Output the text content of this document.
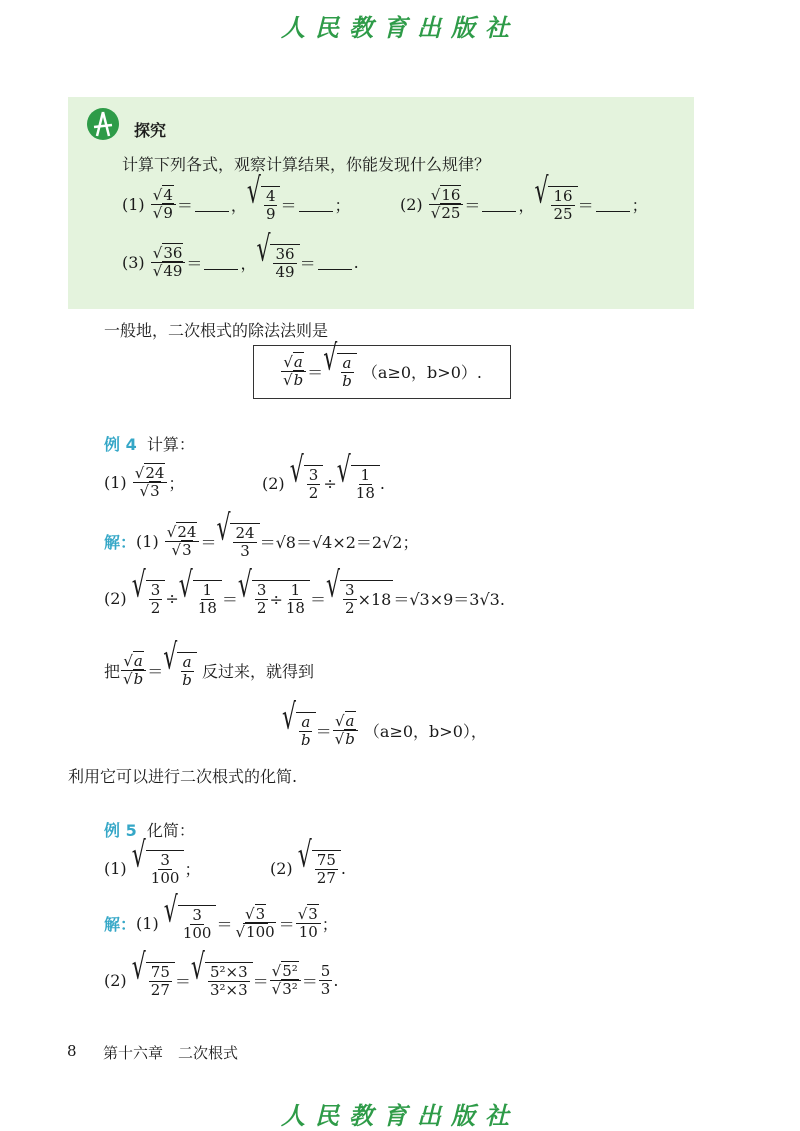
人民教育出版社
探究
计算下列各式，观察计算结果，你能发现什么规律？
(1)
√ 4
√ 9 ＝ ， √ $\frac{4}{9}$ ＝ ；	(2)
√ 16
√ 25 ＝ ， √ $\frac{16}{25}$ ＝ ；
(3)
√ 36
√ 49 ＝ ， √ $\frac{36}{49}$ ＝ .
一般地，二次根式的除法法则是
√ a
√ b ＝ √ $\frac{a}{b}$
（a≥0，b>0）.
例 4 计算：
(1)
√ 24
√ 3 ；	(2)
√ $\frac{3}{2}$ ÷ √ $\frac{1}{18}$ .
解： (1)
√ 24
√ 3 ＝ √ $\frac{24}{3} =√8=√4\times 2=2√2$；
(2)
√ $\frac{3}{2}$ ÷ √ $\frac{1}{18}$ ＝ √ $\frac{3}{2} \div \frac{1}{18}$ ＝ √ $\frac{3}{2} \times 18 =√3\times 9=3√3$.
把 √ a
√ b ＝ √ $\frac{a}{b}$
反过来，就得到
√ $\frac{a}{b}$ ＝ √ a
√ b
（a≥0，b>0），
利用它可以进行二次根式的化简.
例 5 化简：
(1)
√ $\frac{3}{100}$ ；	(2)
√ $\frac{75}{27}$ .
解： (1)
√ $\frac{3}{100}$ ＝ √ 3
√ 100 ＝ √ $\frac{3}{10}$ ；
(2)
√ $\frac{75}{27}$ ＝ √ $\frac{\text{5²×3}}{\text{3²×3}}$ ＝ √ 5²
√ $3^2 = \frac{5}{3}$ .
8 第十六章　二次根式
人民教育出版社
